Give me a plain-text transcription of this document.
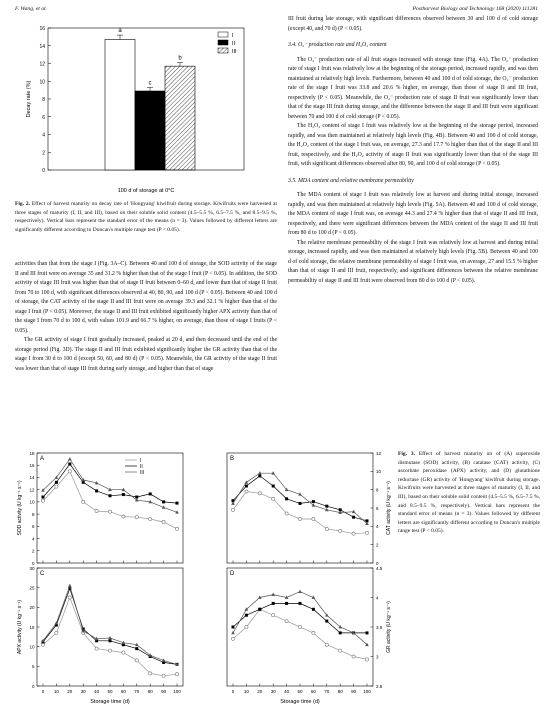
F. Wang, et al.	Postharvest Biology and Technology 168 (2020) 111281
0
2
4
6
8
10
12
14
16
Decay rate (%)
100 d of storage at 0°C
a
I
c
II
b
III
Fig. 2. Effect of harvest maturity on decay rate of 'Hongyang' kiwifruit during storage. Kiwifruits were harvested at three stages of maturity (I, II, and III), based on their soluble solid content (4.5–5.5 %, 6.5–7.5 %, and 8.5–9.5 %, respectively). Vertical bars represent the standard error of the means (n = 3). Values followed by different letters are significantly different according to Duncan's multiple range test (P < 0.05).

activities than that from the stage I (Fig. 3A–C). Between 40 and 100 d of storage, the SOD activity of the stage II and III fruit were on average 35 and 31.2 % higher than that of the stage I fruit (P < 0.05). In addition, the SOD activity of stage III fruit was higher than that of stage II fruit between 0–60 d, and lower than that of stage II fruit from 70 to 100 d, with significant differences observed at 40, 80, 90, and 100 d (P < 0.05). Between 40 and 100 d of storage, the CAT activity of the stage II and III fruit were on average 39.3 and 32.1 % higher than that of the stage I fruit (P < 0.05). Moreover, the stage II and III fruit exhibited significantly higher APX activity than that of the stage I from 70 d to 100 d, with values 101.9 and 66.7 % higher, on average, than those of stage I fruits (P < 0.05).

The GR activity of stage I fruit gradually increased, peaked at 20 d, and then decreased until the end of the storage period (Fig. 3D). The stage II and III fruit exhibited significantly higher the GR activity than that of the stage I from 30 d to 100 d (except 50, 60, and 80 d) (P < 0.05). Meanwhile, the GR activity of the stage II fruit was lower than that of stage III fruit during early storage, and higher than that of stage

III fruit during late storage, with significant differences observed between 30 and 100 d of cold storage (except 40, and 70 d) (P < 0.05).

3.4. O₂⁻ production rate and H₂O₂ content

The O₂⁻ production rate of all fruit stages increased with storage time (Fig. 4A). The O₂⁻ production rate of stage I fruit was relatively low at the beginning of the storage period, increased rapidly, and was then maintained at relatively high levels. Furthermore, between 40 and 100 d of cold storage, the O₂⁻ production rate of the stage I fruit was 33.8 and 20.6 % higher, on average, than those of stage II and III fruit, respectively (P < 0.05). Meanwhile, the O₂⁻ production rate of stage II fruit was significantly lower than that of the stage III fruit during storage, and the difference between the stage II and III fruit were significant between 70 and 100 d of cold storage (P < 0.05).

The H₂O₂ content of stage I fruit was relatively low at the beginning of the storage period, increased rapidly, and was then maintained at relatively high levels (Fig. 4B). Between 40 and 100 d of cold storage, the H₂O₂ content of the stage I fruit was, on average, 27.3 and 17.7 % higher than that of the stage II and III fruit, respectively, and the H₂O₂ activity of stage II fruit was significantly lower than that of the stage III fruit, with significant differences observed after 80, 90, and 100 d of cold storage (P < 0.05).

3.5. MDA content and relative membrane permeability

The MDA content of stage I fruit was relatively low at harvest and during initial storage, increased rapidly, and was then maintained at relatively high levels (Fig. 5A). Between 40 and 100 d of cold storage, the MDA content of stage I fruit was, on average 44.3 and 27.4 % higher than that of stage II and III fruit, respectively, and there were significant differences between the MDA content of the stage II and III fruit from 80 d to 100 d (P < 0.05).

The relative membrane permeability of the stage I fruit was relatively low at harvest and during initial storage, increased rapidly, and was then maintained at relatively high levels (Fig. 5B). Between 40 and 100 d of cold storage, the relative membrane permeability of stage I fruit was, on average, 27 and 15.5 % higher than that of stage II and III fruit, respectively, and significant differences between the relative membrane permeability of stage II and III fruit were observed from 80 d to 100 d (P < 0.05).

A
0
2
4
6
8
10
12
14
16
18
SOD activity (U kg⁻¹ s⁻¹)
I
II
III
B
0
2
4
6
8
10
12
CAT activity (U kg⁻¹ s⁻¹)
C
0
5
10
15
20
25
30
APX activity (U kg⁻¹ s⁻¹)
0 10 20 30 40 50 60 70 80 90 100
Storage time (d)
D
2.5
3
3.5
4
4.5
GR activity (U kg⁻¹ s⁻¹)
0 10 20 30 40 50 60 70 80 90 100
Storage time (d)
Fig. 3. Effect of harvest maturity on of (A) superoxide dismutase (SOD) activity, (B) catalase (CAT) activity, (C) ascorbate peroxidase (APX) activity, and (D) glutathione reductase (GR) activity of 'Hongyang' kiwifruit during storage. Kiwifruits were harvested at three stages of maturity (I, II, and III), based on their soluble solid content (4.5–5.5 %, 6.5–7.5 %, and 8.5–9.5 %, respectively). Vertical bars represent the standard error of means (n = 3). Values followed by different letters are significantly different according to Duncan's multiple range test (P < 0.05).
